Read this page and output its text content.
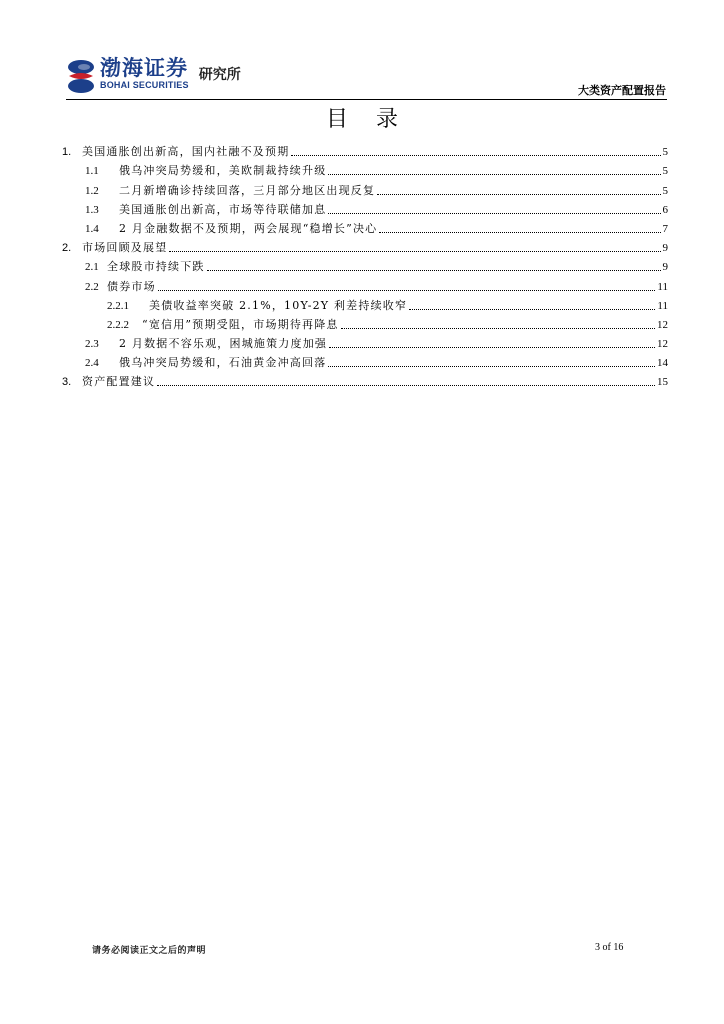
渤海证券
BOHAI SECURITIES
研究所
大类资产配置报告
目录
1. 美国通胀创出新高，国内社融不及预期	5
1.1	俄乌冲突局势缓和，美欧制裁持续升级	5
1.2	二月新增确诊持续回落，三月部分地区出现反复	5
1.3	美国通胀创出新高，市场等待联储加息	6
1.4	2 月金融数据不及预期，两会展现“稳增长”决心	7
2. 市场回顾及展望	9
2.1 全球股市持续下跌	9
2.2 债券市场	11
2.2.1	美债收益率突破 2.1%，10Y-2Y 利差持续收窄	11
2.2.2	“宽信用”预期受阻，市场期待再降息	12
2.3	2 月数据不容乐观，困城施策力度加强	12
2.4	俄乌冲突局势缓和，石油黄金冲高回落	14
3. 资产配置建议	15
请务必阅读正文之后的声明	3 of 16
